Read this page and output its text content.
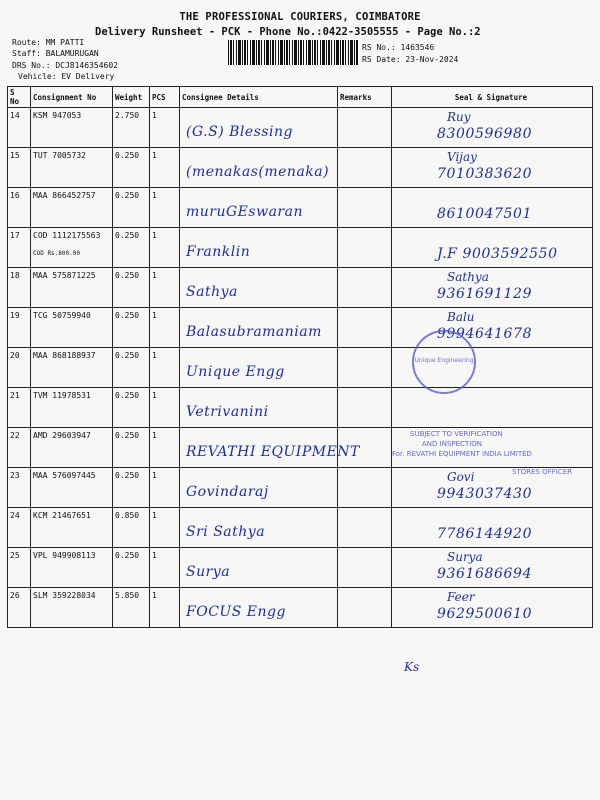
THE PROFESSIONAL COURIERS, COIMBATORE
Delivery Runsheet - PCK - Phone No.:0422-3505555 - Page No.:2
Route: MM PATTI
Staff: BALAMURUGAN
DRS No.: DCJ8146354602
Vehicle: EV Delivery
RS No.: 1463546
RS Date: 23-Nov-2024
S No	Consignment No	Weight	PCS	Consignee Details	Remarks	Seal & Signature

14	KSM 947053	2.750	1	(G.S) Blessing		Ruy
8300596980

15	TUT 7005732	0.250	1	(menakas(menaka)		Vijay
7010383620

16	MAA 866452757	0.250	1	muruGEswaran		8610047501

17	COD 1112175563
COD Rs.800.00	0.250	1	Franklin		J.F 9003592550

18	MAA 575871225	0.250	1	Sathya		Sathya
9361691129

19	TCG 50759940	0.250	1	Balasubramaniam		Balu
9994641678

20	MAA 868188937	0.250	1	Unique Engg		Unique Engineering

21	TVM 11978531	0.250	1	Vetrivanini		

22	AMD 29603947	0.250	1	REVATHI EQUIPMENT		SUBJECT TO VERIFICATION
AND INSPECTION
For. REVATHI EQUIPMENT INDIA LIMITED

23	MAA 576097445	0.250	1	Govindaraj		Govi
9943037430
STORES OFFICER

24	KCM 21467651	0.850	1	Sri Sathya		7786144920

25	VPL 949908113	0.250	1	Surya		Surya
9361686694

26	SLM 359228034	5.850	1	FOCUS Engg		Feer
9629500610
Ks
